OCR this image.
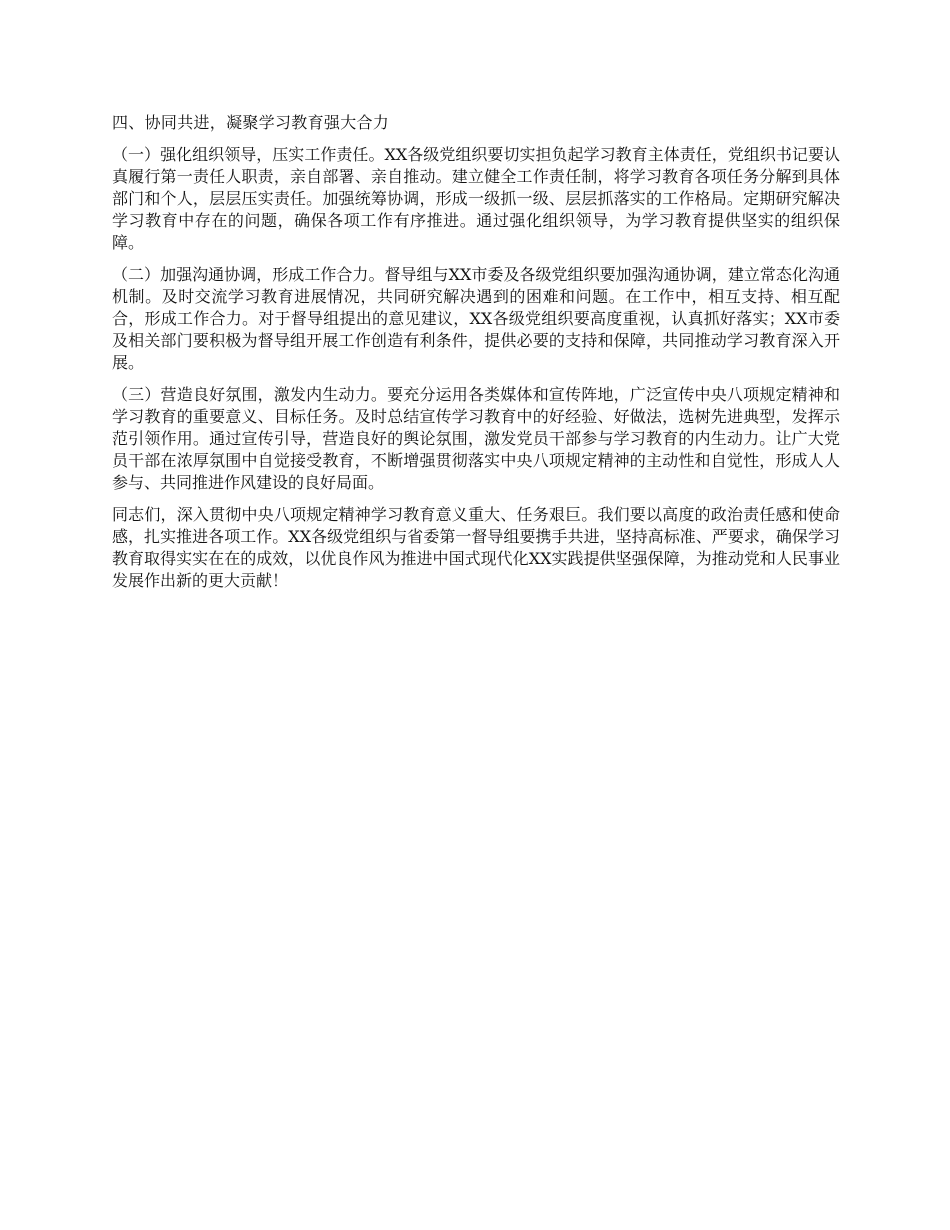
四、协同共进，凝聚学习教育强大合力

（一）强化组织领导，压实工作责任。XX各级党组织要切实担负起学习教育主体责任，党组织书记要认真履行第一责任人职责，亲自部署、亲自推动。建立健全工作责任制，将学习教育各项任务分解到具体部门和个人，层层压实责任。加强统筹协调，形成一级抓一级、层层抓落实的工作格局。定期研究解决学习教育中存在的问题，确保各项工作有序推进。通过强化组织领导，为学习教育提供坚实的组织保障。

（二）加强沟通协调，形成工作合力。督导组与XX市委及各级党组织要加强沟通协调，建立常态化沟通机制。及时交流学习教育进展情况，共同研究解决遇到的困难和问题。在工作中，相互支持、相互配合，形成工作合力。对于督导组提出的意见建议，XX各级党组织要高度重视，认真抓好落实；XX市委及相关部门要积极为督导组开展工作创造有利条件，提供必要的支持和保障，共同推动学习教育深入开展。

（三）营造良好氛围，激发内生动力。要充分运用各类媒体和宣传阵地，广泛宣传中央八项规定精神和学习教育的重要意义、目标任务。及时总结宣传学习教育中的好经验、好做法，选树先进典型，发挥示范引领作用。通过宣传引导，营造良好的舆论氛围，激发党员干部参与学习教育的内生动力。让广大党员干部在浓厚氛围中自觉接受教育，不断增强贯彻落实中央八项规定精神的主动性和自觉性，形成人人参与、共同推进作风建设的良好局面。

同志们，深入贯彻中央八项规定精神学习教育意义重大、任务艰巨。我们要以高度的政治责任感和使命感，扎实推进各项工作。XX各级党组织与省委第一督导组要携手共进，坚持高标准、严要求，确保学习教育取得实实在在的成效，以优良作风为推进中国式现代化XX实践提供坚强保障，为推动党和人民事业发展作出新的更大贡献！
